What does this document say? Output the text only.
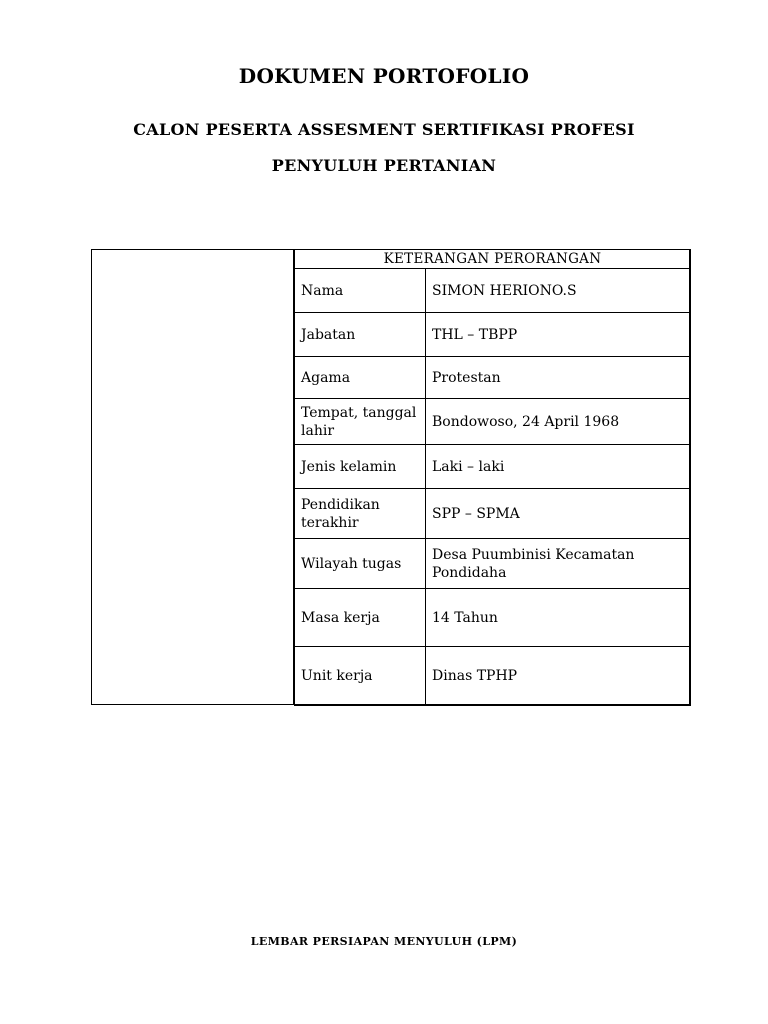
DOKUMEN PORTOFOLIO
CALON PESERTA ASSESMENT SERTIFIKASI PROFESI
PENYULUH PERTANIAN
KETERANGAN PERORANGAN	
Nama	SIMON HERIONO.S
Jabatan	THL – TBPP
Agama	Protestan
Tempat, tanggal lahir	Bondowoso, 24 April 1968
Jenis kelamin	Laki – laki
Pendidikan terakhir	SPP – SPMA
Wilayah tugas	Desa Puumbinisi Kecamatan Pondidaha
Masa kerja	14 Tahun
Unit kerja	Dinas TPHP
LEMBAR PERSIAPAN MENYULUH (LPM)
